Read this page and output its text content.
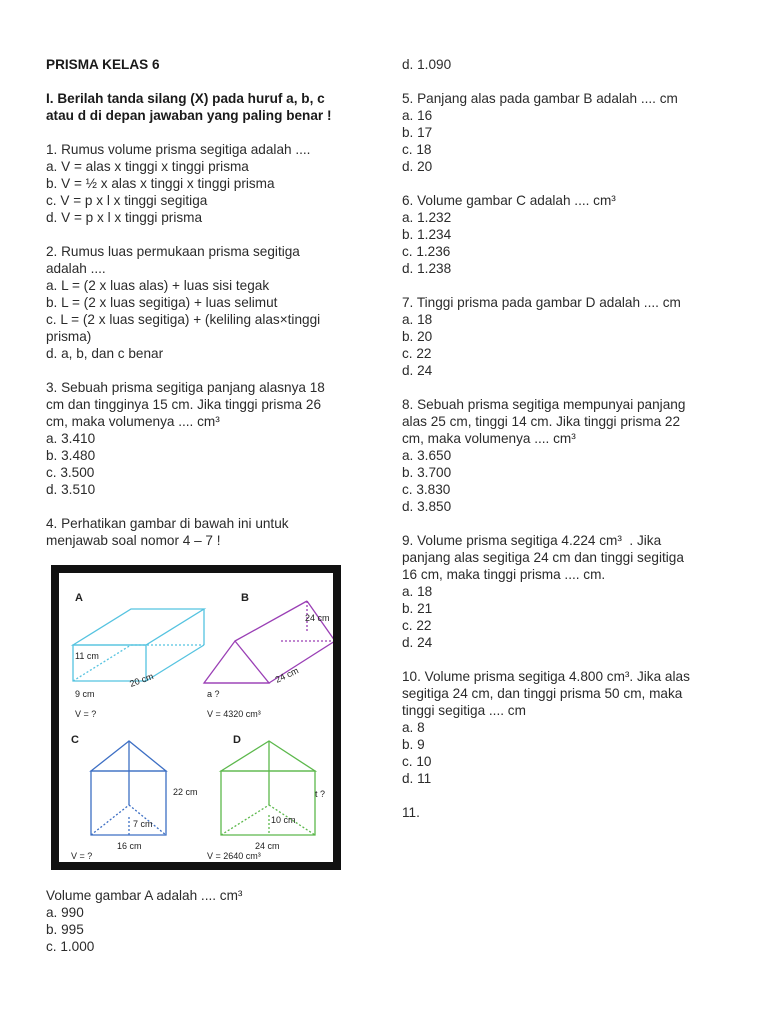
PRISMA KELAS 6
I. Berilah tanda silang (X) pada huruf a, b, c
atau d di depan jawaban yang paling benar !
1. Rumus volume prisma segitiga adalah ....
a. V = alas x tinggi x tinggi prisma
b. V = ½ x alas x tinggi x tinggi prisma
c. V = p x l x tinggi segitiga
d. V = p x l x tinggi prisma
2. Rumus luas permukaan prisma segitiga
adalah ....
a. L = (2 x luas alas) + luas sisi tegak
b. L = (2 x luas segitiga) + luas selimut
c. L = (2 x luas segitiga) + (keliling alas×tinggi
prisma)
d. a, b, dan c benar
3. Sebuah prisma segitiga panjang alasnya 18
cm dan tingginya 15 cm. Jika tinggi prisma 26
cm, maka volumenya .... cm³
a. 3.410
b. 3.480
c. 3.500
d. 3.510
4. Perhatikan gambar di bawah ini untuk
menjawab soal nomor 4 – 7 !
A
11 cm
9 cm
20 cm
V = ?
B
24 cm
24 cm
a ?
V = 4320 cm³
C
22 cm
7 cm
16 cm
V = ?
D
t ?
10 cm
24 cm
V = 2640 cm³
Volume gambar A adalah .... cm³
a. 990
b. 995
c. 1.000
d. 1.090
5. Panjang alas pada gambar B adalah .... cm
a. 16
b. 17
c. 18
d. 20
6. Volume gambar C adalah .... cm³
a. 1.232
b. 1.234
c. 1.236
d. 1.238
7. Tinggi prisma pada gambar D adalah .... cm
a. 18
b. 20
c. 22
d. 24
8. Sebuah prisma segitiga mempunyai panjang
alas 25 cm, tinggi 14 cm. Jika tinggi prisma 22
cm, maka volumenya .... cm³
a. 3.650
b. 3.700
c. 3.830
d. 3.850
9. Volume prisma segitiga 4.224 cm³  . Jika
panjang alas segitiga 24 cm dan tinggi segitiga
16 cm, maka tinggi prisma .... cm.
a. 18
b. 21
c. 22
d. 24
10. Volume prisma segitiga 4.800 cm³. Jika alas
segitiga 24 cm, dan tinggi prisma 50 cm, maka
tinggi segitiga .... cm
a. 8
b. 9
c. 10
d. 11
11.
